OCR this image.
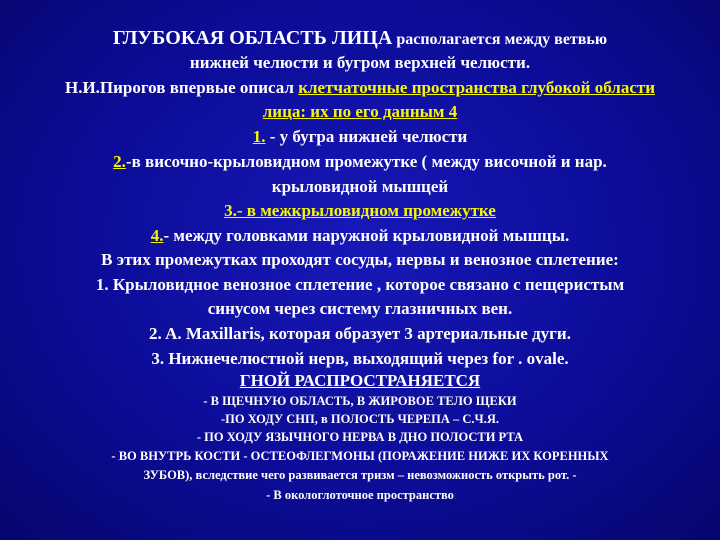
ГЛУБОКАЯ ОБЛАСТЬ ЛИЦА располагается между ветвью
нижней челюсти и бугром верхней челюсти.
Н.И.Пирогов впервые описал клетчаточные пространства глубокой области
лица: их по его данным 4
1. - у бугра нижней челюсти
2.-в височно-крыловидном промежутке ( между височной и нар.
крыловидной мышцей
3.- в межкрыловидном промежутке
4.- между головками наружной крыловидной мышцы.
В этих промежутках проходят сосуды, нервы и венозное сплетение:
1. Крыловидное венозное сплетение , которое связано с пещеристым
синусом через систему глазничных вен.
2. A. Maxillaris, которая образует 3 артериальные дуги.
3. Нижнечелюстной нерв, выходящий через for . ovale.
ГНОЙ РАСПРОСТРАНЯЕТСЯ
- В ЩЕЧНУЮ ОБЛАСТЬ, В ЖИРОВОЕ ТЕЛО ЩЕКИ
-ПО ХОДУ СНП, в ПОЛОСТЬ ЧЕРЕПА – С.Ч.Я.
- ПО ХОДУ ЯЗЫЧНОГО НЕРВА В ДНО ПОЛОСТИ РТА
- ВО ВНУТРЬ КОСТИ - ОСТЕОФЛЕГМОНЫ (ПОРАЖЕНИЕ НИЖЕ ИХ КОРЕННЫХ
ЗУБОВ), вследствие чего развивается тризм – невозможность открыть рот. -
- В окологлоточное пространство
